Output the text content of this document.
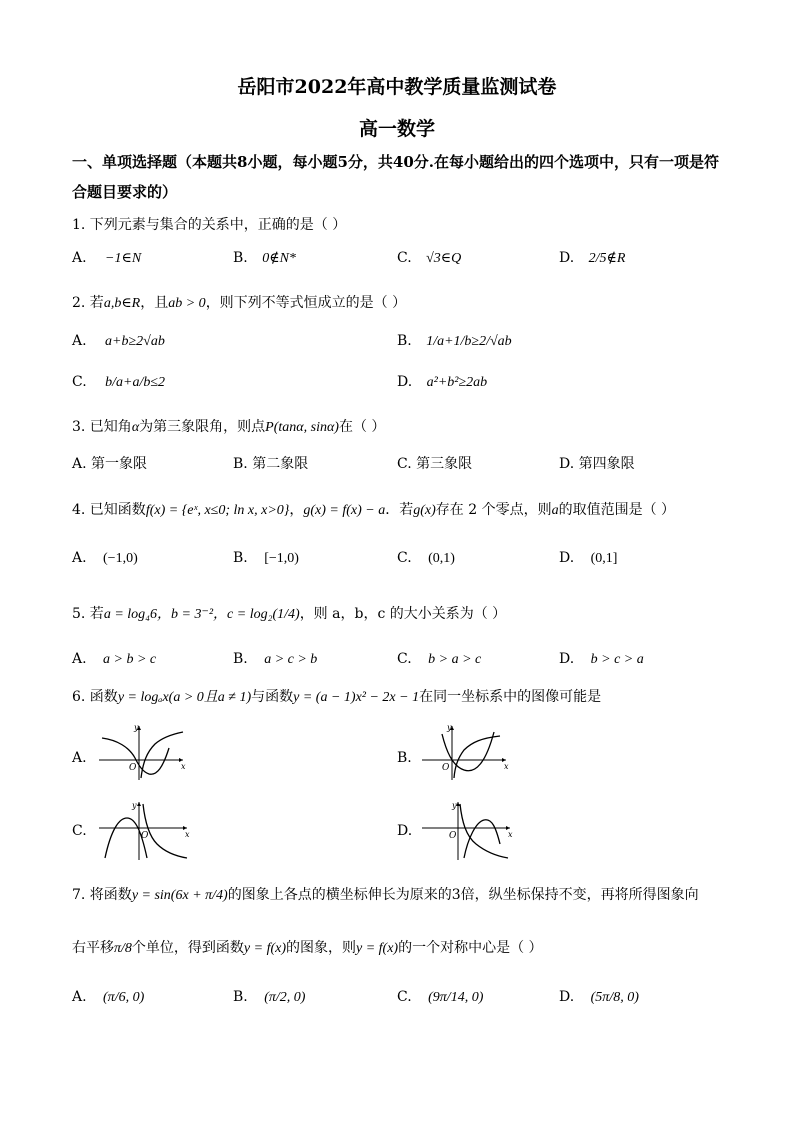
岳阳市2022年高中教学质量监测试卷
高一数学
一、单项选择题（本题共8小题，每小题5分，共40分.在每小题给出的四个选项中，只有一项是符合题目要求的）
1. 下列元素与集合的关系中，正确的是（ ）
A. −1∈N	B. 0∉N*	C. √3∈Q	D. 2/5∉R
2. 若a,b∈R，且ab > 0，则下列不等式恒成立的是（ ）
A. a+b≥2√ab	B. 1/a+1/b≥2/√ab
C. b/a+a/b≤2	D. a²+b²≥2ab
3. 已知角α为第三象限角，则点P(tanα, sinα)在（ ）
A. 第一象限	B. 第二象限	C. 第三象限	D. 第四象限
4. 已知函数f(x) = {eˣ, x≤0; ln x, x>0}，g(x) = f(x) − a．若g(x)存在 2 个零点，则a的取值范围是（ ）
A. (−1,0)	B. [−1,0)	C. (0,1)	D. (0,1]
5. 若a = log₄6，b = 3⁻²，c = log₂(1/4)，则 a，b，c 的大小关系为（ ）
A. a > b > c	B. a > c > b	C. b > a > c	D. b > c > a
6. 函数y = logₐx(a > 0且a ≠ 1)与函数y = (a − 1)x² − 2x − 1在同一坐标系中的图像可能是
A.	B.
C.	D.
y
x
O
y
x
O
y
x
O
y
x
O
7. 将函数y = sin(6x + π/4)的图象上各点的横坐标伸长为原来的3倍，纵坐标保持不变，再将所得图象向
右平移π/8个单位，得到函数y = f(x)的图象，则y = f(x)的一个对称中心是（ ）
A. (π/6, 0)	B. (π/2, 0)	C. (9π/14, 0)	D. (5π/8, 0)
